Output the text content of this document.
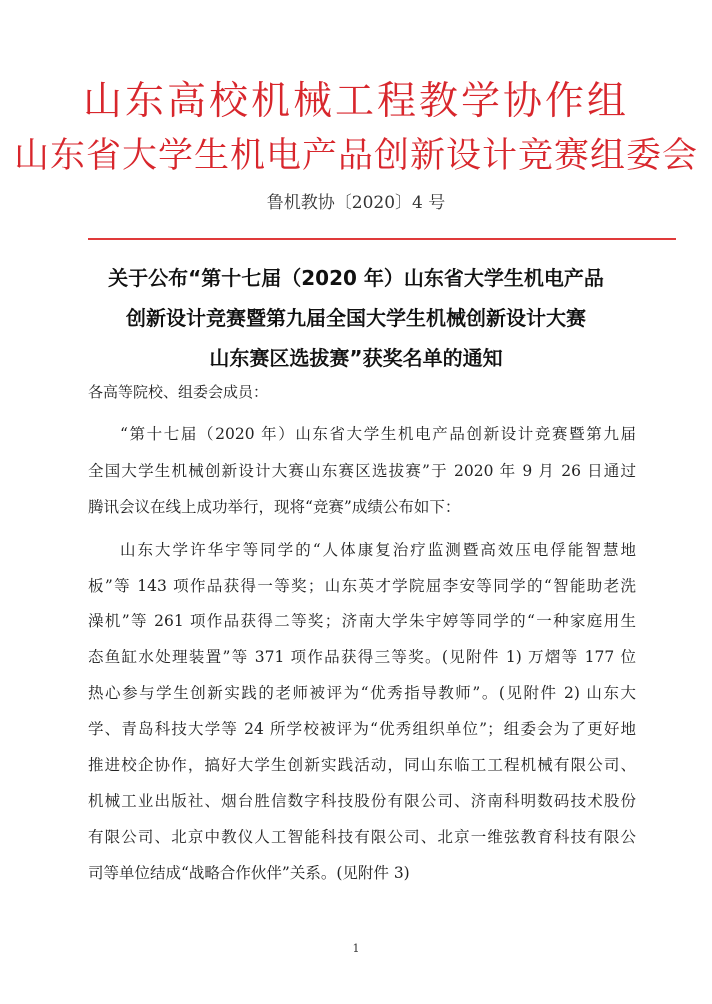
山东高校机械工程教学协作组
山东省大学生机电产品创新设计竞赛组委会
鲁机教协〔2020〕4 号
关于公布“第十七届（2020 年）山东省大学生机电产品
创新设计竞赛暨第九届全国大学生机械创新设计大赛
山东赛区选拔赛”获奖名单的通知
各高等院校、组委会成员：
“第十七届（2020 年）山东省大学生机电产品创新设计竞赛暨第九届
全国大学生机械创新设计大赛山东赛区选拔赛”于 2020 年 9 月 26 日通过
腾讯会议在线上成功举行，现将“竞赛”成绩公布如下：
山东大学许华宇等同学的“人体康复治疗监测暨高效压电俘能智慧地
板”等 143 项作品获得一等奖；山东英才学院屈李安等同学的“智能助老洗
澡机”等 261 项作品获得二等奖；济南大学朱宇婷等同学的“一种家庭用生
态鱼缸水处理装置”等 371 项作品获得三等奖。(见附件 1) 万熠等 177 位
热心参与学生创新实践的老师被评为“优秀指导教师”。(见附件 2) 山东大
学、青岛科技大学等 24 所学校被评为“优秀组织单位”；组委会为了更好地
推进校企协作，搞好大学生创新实践活动，同山东临工工程机械有限公司、
机械工业出版社、烟台胜信数字科技股份有限公司、济南科明数码技术股份
有限公司、北京中教仪人工智能科技有限公司、北京一维弦教育科技有限公
司等单位结成“战略合作伙伴”关系。(见附件 3)
1
